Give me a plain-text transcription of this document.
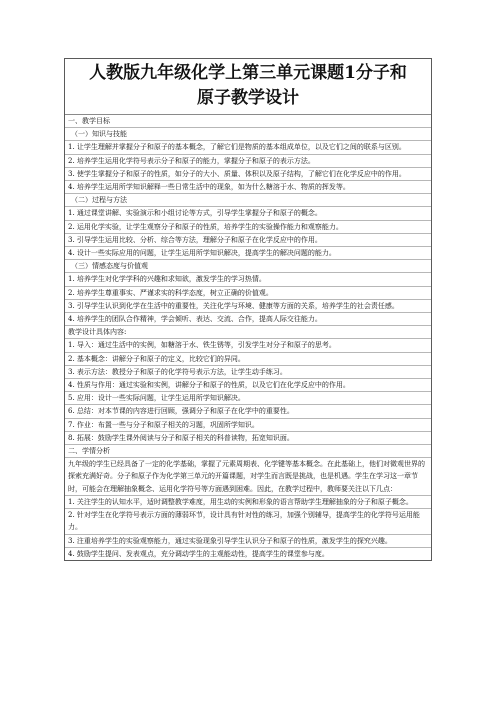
人教版九年级化学上第三单元课题1分子和
原子教学设计
一、教学目标
（一）知识与技能
1. 让学生理解并掌握分子和原子的基本概念，了解它们是物质的基本组成单位，以及它们之间的联系与区别。
2. 培养学生运用化学符号表示分子和原子的能力，掌握分子和原子的表示方法。
3. 使学生掌握分子和原子的性质，如分子的大小、质量、体积以及原子结构，了解它们在化学反应中的作用。
4. 培养学生运用所学知识解释一些日常生活中的现象，如为什么糖溶于水、物质的挥发等。
（二）过程与方法
1. 通过课堂讲解、实验演示和小组讨论等方式，引导学生掌握分子和原子的概念。
2. 运用化学实验，让学生观察分子和原子的性质，培养学生的实验操作能力和观察能力。
3. 引导学生运用比较、分析、综合等方法，理解分子和原子在化学反应中的作用。
4. 设计一些实际应用的问题，让学生运用所学知识解决，提高学生的解决问题的能力。
（三）情感态度与价值观
1. 培养学生对化学学科的兴趣和求知欲，激发学生的学习热情。
2. 培养学生尊重事实、严谨求实的科学态度，树立正确的价值观。
3. 引导学生认识到化学在生活中的重要性，关注化学与环境、健康等方面的关系，培养学生的社会责任感。
4. 培养学生的团队合作精神，学会倾听、表达、交流、合作，提高人际交往能力。
教学设计具体内容:
1. 导入：通过生活中的实例，如糖溶于水、铁生锈等，引发学生对分子和原子的思考。
2. 基本概念：讲解分子和原子的定义，比较它们的异同。
3. 表示方法：教授分子和原子的化学符号表示方法，让学生动手练习。
4. 性质与作用：通过实验和实例，讲解分子和原子的性质，以及它们在化学反应中的作用。
5. 应用：设计一些实际问题，让学生运用所学知识解决。
6. 总结：对本节课的内容进行回顾，强调分子和原子在化学中的重要性。
7. 作业：布置一些与分子和原子相关的习题，巩固所学知识。
8. 拓展：鼓励学生课外阅读与分子和原子相关的科普读物，拓宽知识面。
二、学情分析
九年级的学生已经具备了一定的化学基础，掌握了元素周期表、化学键等基本概念。在此基础上，他们对微观世界的探索充满好奇。分子和原子作为化学第三单元的开篇课题，对学生而言既是挑战，也是机遇。学生在学习这一章节时，可能会在理解抽象概念、运用化学符号等方面遇到困难。因此，在教学过程中，教师要关注以下几点：
1. 关注学生的认知水平，适时调整教学难度，用生动的实例和形象的语言帮助学生理解抽象的分子和原子概念。
2. 针对学生在化学符号表示方面的薄弱环节，设计具有针对性的练习，加强个别辅导，提高学生的化学符号运用能力。
3. 注重培养学生的实验观察能力，通过实验现象引导学生认识分子和原子的性质，激发学生的探究兴趣。
4. 鼓励学生提问、发表观点，充分调动学生的主观能动性，提高学生的课堂参与度。
